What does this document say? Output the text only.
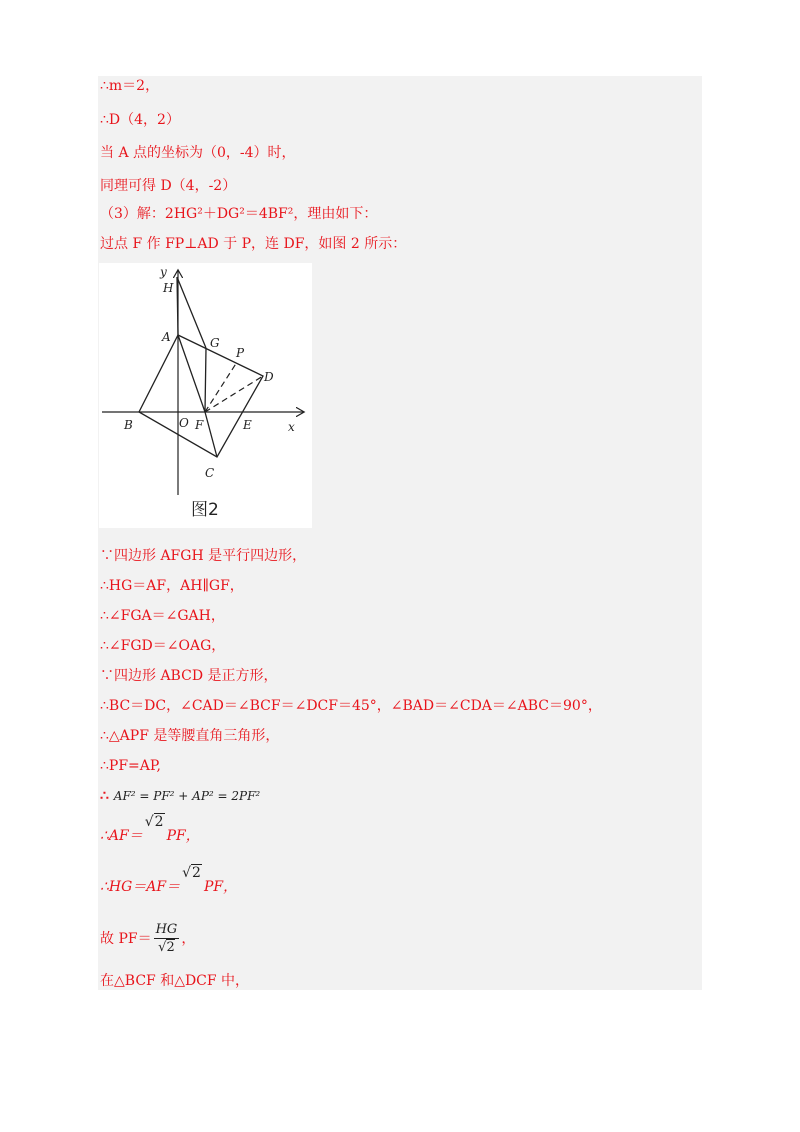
∴m＝2，
∴D（4，2）
当 A 点的坐标为（0，-4）时，
同理可得 D（4，-2）
（3）解：2HG²＋DG²＝4BF²，理由如下：
过点 F 作 FP⊥AD 于 P，连 DF，如图 2 所示：
y
H
A	G
P
D
B	O F	E	x
C
图2
∵四边形 AFGH 是平行四边形，
∴HG＝AF，AH∥GF，
∴∠FGA＝∠GAH，
∴∠FGD＝∠OAG，
∵四边形 ABCD 是正方形，
∴BC＝DC，∠CAD＝∠BCF＝∠DCF＝45°，∠BAD＝∠CDA＝∠ABC＝90°，
∴△APF 是等腰直角三角形，
∴PF=AP,
∴ AF² = PF² + AP² = 2PF²
∴AF＝√2PF，
∴HG＝AF＝√2PF，
故 $PF= \frac{HG}{√2}$ ，
在△BCF 和△DCF 中，
